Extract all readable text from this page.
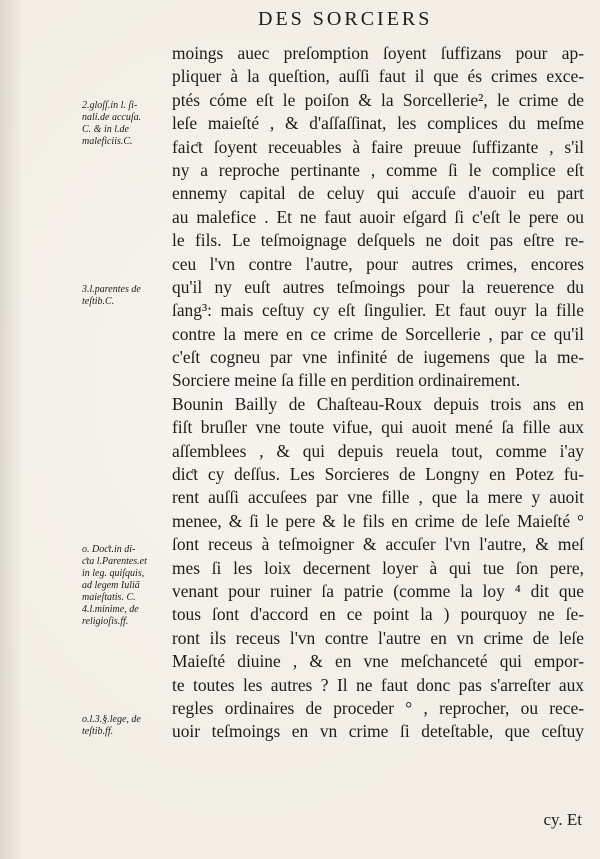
DES SORCIERS
moings auec preſomption ſoyent ſuffizans pour ap-
pliquer à la queſtion, auſſi faut il que és crimes exce-
ptés cóme eſt le poiſon & la Sorcellerie², le crime de
leſe maieſté , & d'aſſaſſinat, les complices du meſme
faiƈt ſoyent receuables à faire preuue ſuffizante , s'il
ny a reproche pertinante , comme ſi le complice eſt
ennemy capital de celuy qui accuſe d'auoir eu part
au malefice . Et ne faut auoir eſgard ſi c'eſt le pere ou
le fils. Le teſmoignage deſquels ne doit pas eſtre re-
ceu l'vn contre l'autre, pour autres crimes, encores
qu'il ny euſt autres teſmoings pour la reuerence du
ſang³: mais ceſtuy cy eſt ſingulier. Et faut ouyr la fille
contre la mere en ce crime de Sorcellerie , par ce qu'il
c'eſt cogneu par vne infinité de iugemens que la me-
Sorciere meine ſa fille en perdition ordinairement.
Bounin Bailly de Chaſteau-Roux depuis trois ans en
fiſt bruſler vne toute vifue, qui auoit mené ſa fille aux
aſſemblees , & qui depuis reuela tout, comme i'ay
diƈt cy deſſus. Les Sorcieres de Longny en Potez fu-
rent auſſi accuſees par vne fille , que la mere y auoit
menee, & ſi le pere & le fils en crime de leſe Maieſté °
ſont receus à teſmoigner & accuſer l'vn l'autre, & meſ
mes ſi les loix decernent loyer à qui tue ſon pere,
venant pour ruiner ſa patrie (comme la loy ⁴ dit que
tous ſont d'accord en ce point la ) pourquoy ne ſe-
ront ils receus l'vn contre l'autre en vn crime de leſe
Maieſté diuine , & en vne meſchanceté qui empor-
te toutes les autres ? Il ne faut donc pas s'arreſter aux
regles ordinaires de proceder ° , reprocher, ou rece-
uoir teſmoings en vn crime ſi deteſtable, que ceſtuy
2.gloſſ.in l. ſi-
nali.de accuſa.
C. & in l.de
maleficiis.C.
3.l.parentes de
teſtib.C.
o. Doƈt.in di-
ƈta l.Parentes.et
in leg. quiſquis,
ad legem Iuliã
maieſtatis. C.
4.l.minime, de
religioſis.ff.
o.l.3.§.lege, de
teſtib.ff.
cy. Et
